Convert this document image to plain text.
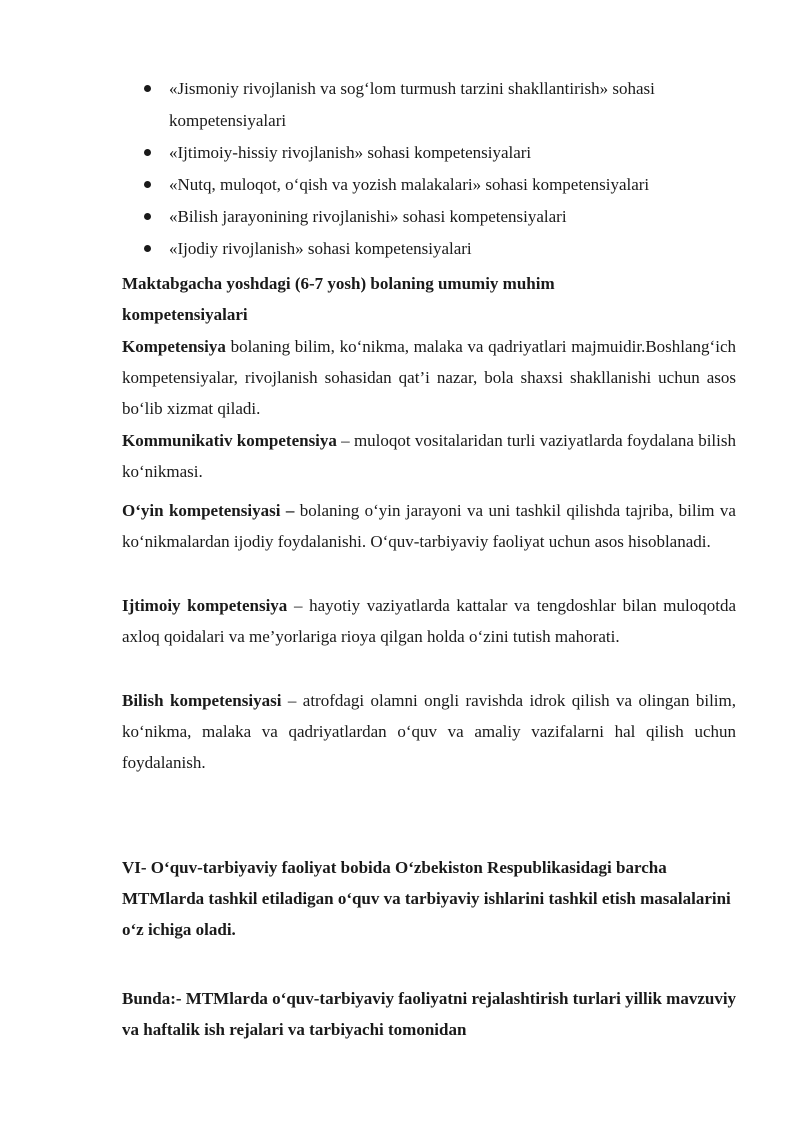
«Jismoniy rivojlanish va sog‘lom turmush tarzini shakllantirish» sohasi kompetensiyalari
«Ijtimoiy-hissiy rivojlanish» sohasi kompetensiyalari
«Nutq, muloqot, o‘qish va yozish malakalari» sohasi kompetensiyalari
«Bilish jarayonining rivojlanishi» sohasi kompetensiyalari
«Ijodiy rivojlanish» sohasi kompetensiyalari
Maktabgacha yoshdagi (6-7 yosh) bolaning umumiy muhim kompetensiyalari

Kompetensiya bolaning bilim, ko‘nikma, malaka va qadriyatlari majmuidir.Boshlang‘ich kompetensiyalar, rivojlanish sohasidan qat’i nazar, bola shaxsi shakllanishi uchun asos bo‘lib xizmat qiladi.

Kommunikativ kompetensiya – muloqot vositalaridan turli vaziyatlarda foydalana bilish ko‘nikmasi.

O‘yin kompetensiyasi – bolaning o‘yin jarayoni va uni tashkil qilishda tajriba, bilim va ko‘nikmalardan ijodiy foydalanishi. O‘quv-tarbiyaviy faoliyat uchun asos hisoblanadi.

Ijtimoiy kompetensiya – hayotiy vaziyatlarda kattalar va tengdoshlar bilan muloqotda axloq qoidalari va me’yorlariga rioya qilgan holda o‘zini tutish mahorati.

Bilish kompetensiyasi – atrofdagi olamni ongli ravishda idrok qilish va olingan bilim, ko‘nikma, malaka va qadriyatlardan o‘quv va amaliy vazifalarni hal qilish uchun foydalanish.

VI- O‘quv-tarbiyaviy faoliyat bobida O‘zbekiston Respublikasidagi barcha MTMlarda tashkil etiladigan o‘quv va tarbiyaviy ishlarini tashkil etish masalalarini o‘z ichiga oladi.
Bunda:- MTMlarda o‘quv-tarbiyaviy faoliyatni rejalashtirish turlari yillik mavzuviy va haftalik ish rejalari va tarbiyachi tomonidan
